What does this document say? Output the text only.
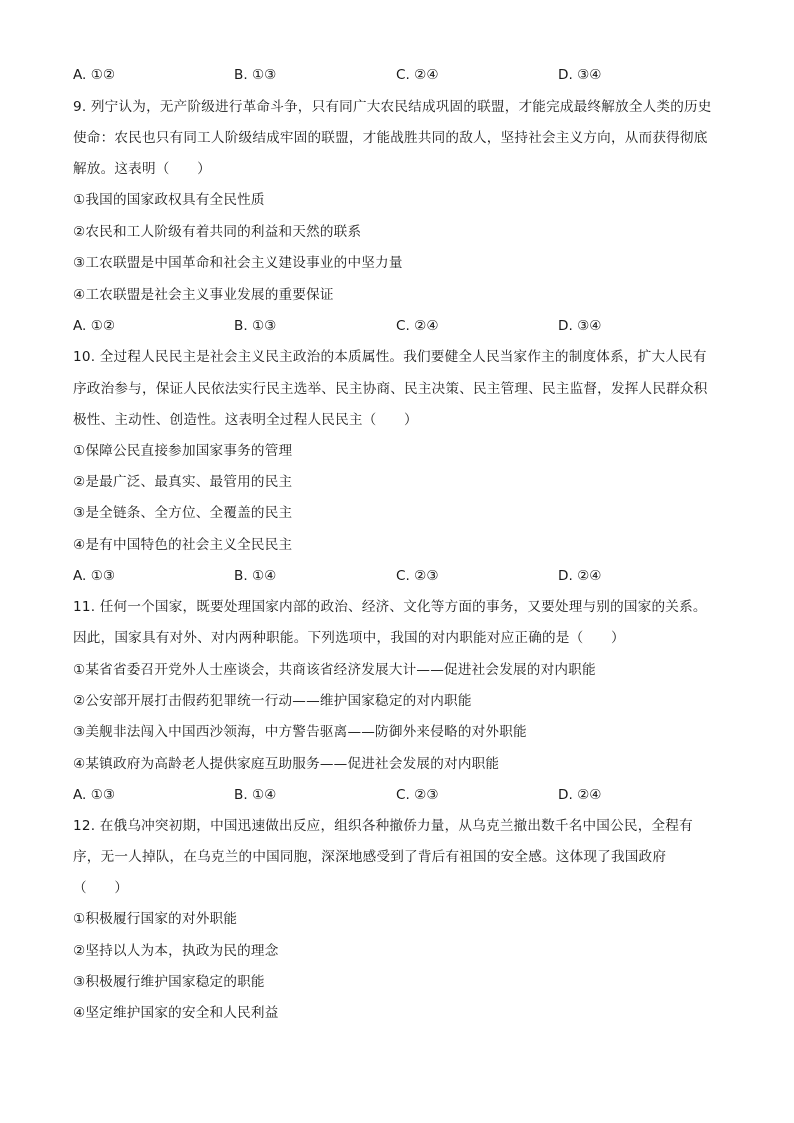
A. ①②	B. ①③	C. ②④	D. ③④
9. 列宁认为，无产阶级进行革命斗争，只有同广大农民结成巩固的联盟，才能完成最终解放全人类的历史
使命：农民也只有同工人阶级结成牢固的联盟，才能战胜共同的敌人，坚持社会主义方向，从而获得彻底
解放。这表明（　　）
①我国的国家政权具有全民性质
②农民和工人阶级有着共同的利益和天然的联系
③工农联盟是中国革命和社会主义建设事业的中坚力量
④工农联盟是社会主义事业发展的重要保证
A. ①②	B. ①③	C. ②④	D. ③④
10. 全过程人民民主是社会主义民主政治的本质属性。我们要健全人民当家作主的制度体系，扩大人民有
序政治参与，保证人民依法实行民主选举、民主协商、民主决策、民主管理、民主监督，发挥人民群众积
极性、主动性、创造性。这表明全过程人民民主（　　）
①保障公民直接参加国家事务的管理
②是最广泛、最真实、最管用的民主
③是全链条、全方位、全覆盖的民主
④是有中国特色的社会主义全民民主
A. ①③	B. ①④	C. ②③	D. ②④
11. 任何一个国家，既要处理国家内部的政治、经济、文化等方面的事务，又要处理与别的国家的关系。
因此，国家具有对外、对内两种职能。下列选项中，我国的对内职能对应正确的是（　　）
①某省省委召开党外人士座谈会，共商该省经济发展大计——促进社会发展的对内职能
②公安部开展打击假药犯罪统一行动——维护国家稳定的对内职能
③美舰非法闯入中国西沙领海，中方警告驱离——防御外来侵略的对外职能
④某镇政府为高龄老人提供家庭互助服务——促进社会发展的对内职能
A. ①③	B. ①④	C. ②③	D. ②④
12. 在俄乌冲突初期，中国迅速做出反应，组织各种撤侨力量，从乌克兰撤出数千名中国公民，全程有
序，无一人掉队，在乌克兰的中国同胞，深深地感受到了背后有祖国的安全感。这体现了我国政府
（　　）
①积极履行国家的对外职能
②坚持以人为本，执政为民的理念
③积极履行维护国家稳定的职能
④坚定维护国家的安全和人民利益
